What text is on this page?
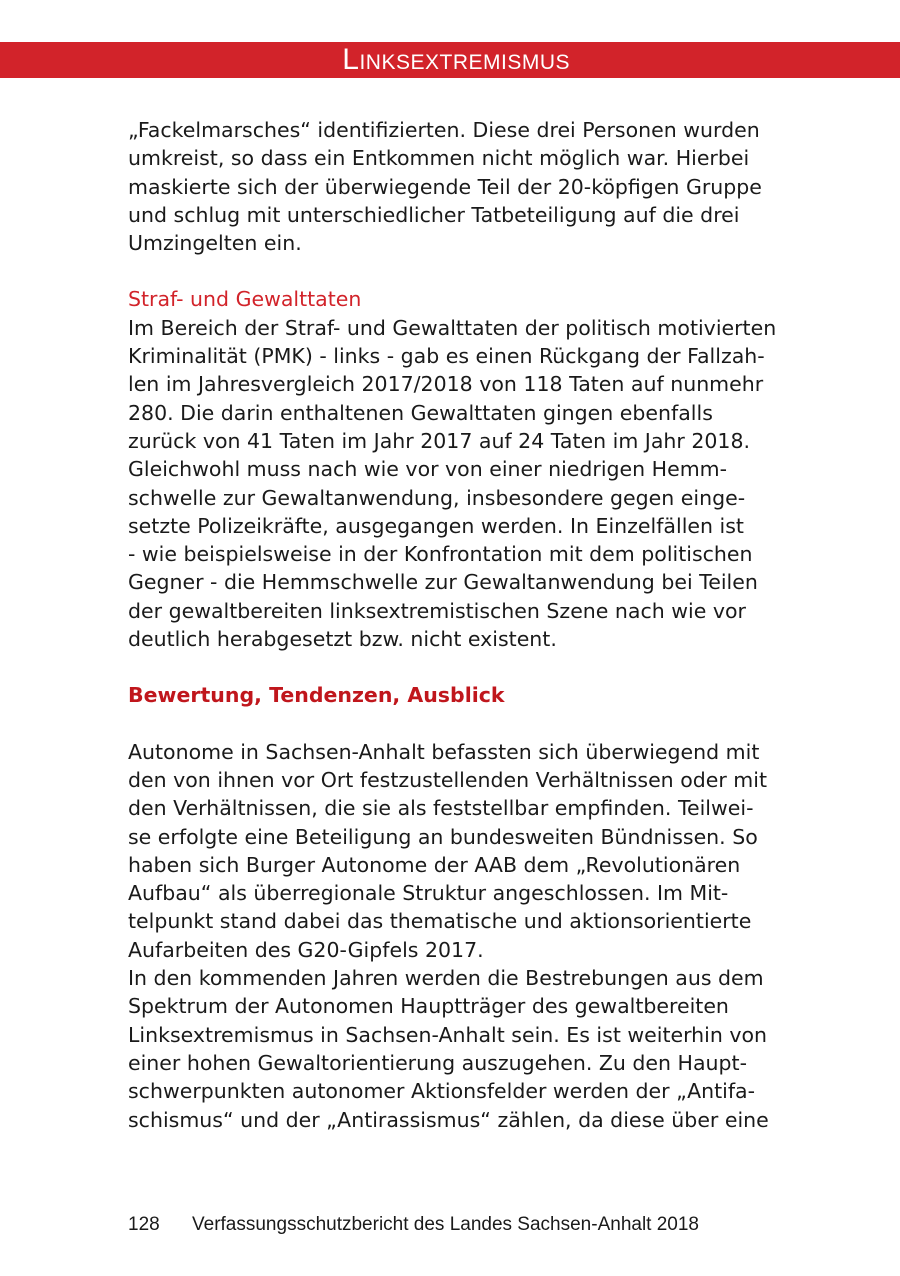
Linksextremismus

„Fackelmarsches“ identifizierten. Diese drei Personen wurden
umkreist, so dass ein Entkommen nicht möglich war. Hierbei
maskierte sich der überwiegende Teil der 20-köpfigen Gruppe
und schlug mit unterschiedlicher Tatbeteiligung auf die drei
Umzingelten ein.

Straf- und Gewalttaten

Im Bereich der Straf- und Gewalttaten der politisch motivierten
Kriminalität (PMK) - links - gab es einen Rückgang der Fallzah-
len im Jahresvergleich 2017/2018 von 118 Taten auf nunmehr
280. Die darin enthaltenen Gewalttaten gingen ebenfalls
zurück von 41 Taten im Jahr 2017 auf 24 Taten im Jahr 2018.
Gleichwohl muss nach wie vor von einer niedrigen Hemm-
schwelle zur Gewaltanwendung, insbesondere gegen einge-
setzte Polizeikräfte, ausgegangen werden. In Einzelfällen ist
- wie beispielsweise in der Konfrontation mit dem politischen
Gegner - die Hemmschwelle zur Gewaltanwendung bei Teilen
der gewaltbereiten linksextremistischen Szene nach wie vor
deutlich herabgesetzt bzw. nicht existent.

Bewertung, Tendenzen, Ausblick

Autonome in Sachsen-Anhalt befassten sich überwiegend mit
den von ihnen vor Ort festzustellenden Verhältnissen oder mit
den Verhältnissen, die sie als feststellbar empfinden. Teilwei-
se erfolgte eine Beteiligung an bundesweiten Bündnissen. So
haben sich Burger Autonome der AAB dem „Revolutionären
Aufbau“ als überregionale Struktur angeschlossen. Im Mit-
telpunkt stand dabei das thematische und aktionsorientierte
Aufarbeiten des G20-Gipfels 2017.

In den kommenden Jahren werden die Bestrebungen aus dem
Spektrum der Autonomen Hauptträger des gewaltbereiten
Linksextremismus in Sachsen-Anhalt sein. Es ist weiterhin von
einer hohen Gewaltorientierung auszugehen. Zu den Haupt-
schwerpunkten autonomer Aktionsfelder werden der „Antifa-
schismus“ und der „Antirassismus“ zählen, da diese über eine

128 Verfassungsschutzbericht des Landes Sachsen-Anhalt 2018
